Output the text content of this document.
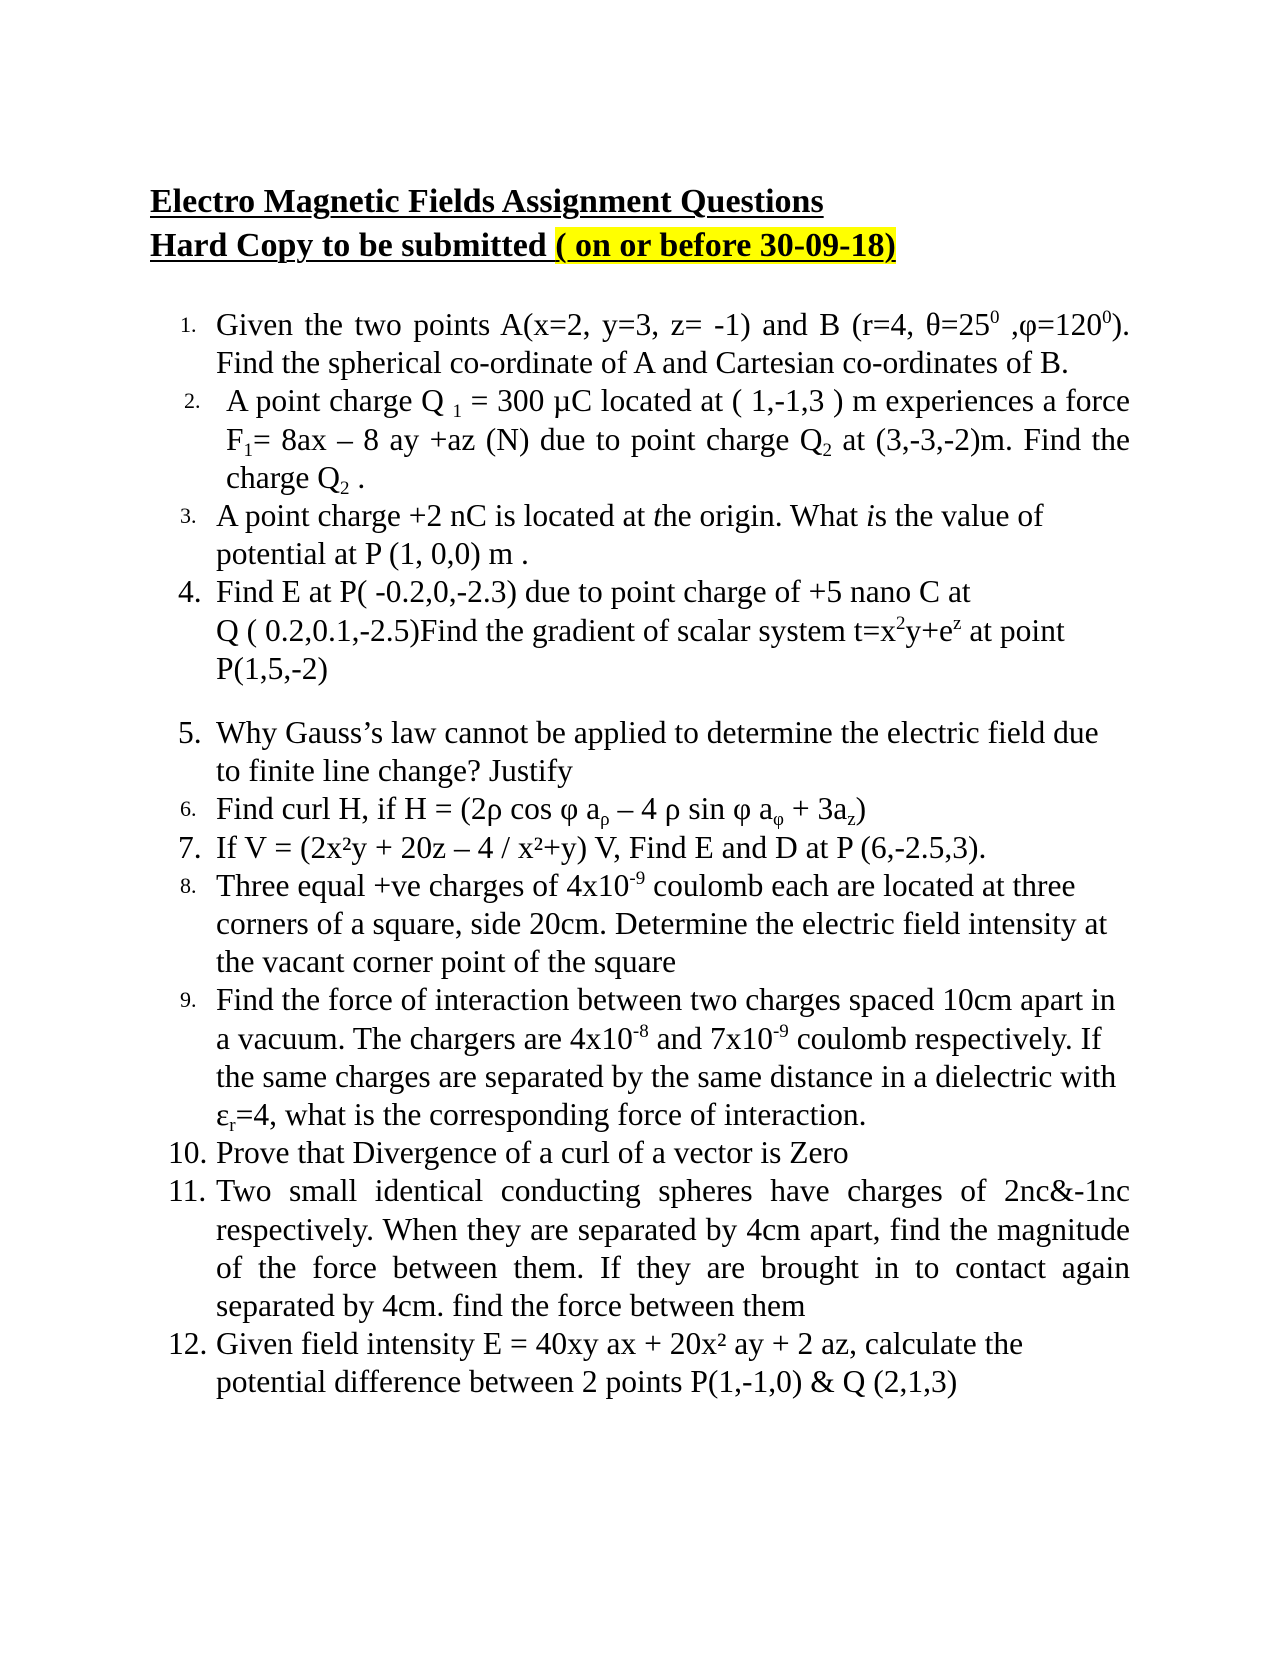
Electro Magnetic Fields Assignment Questions
Hard Copy to be submitted ( on or before 30-09-18)
1. Given the two points A(x=2, y=3, z= -1) and B (r=4, $\theta=25^0$ $,\varphi=120^0$). Find the spherical co-ordinate of A and Cartesian co-ordinates of B.
2. A point charge Q $_1$ = 300 µC located at ( 1,-1,3 ) m experiences a force $F_1= 8ax - 8$ ay +az (N) due to point charge $Q_2$ at (3,-3,-2)m. Find the charge $Q_2$ .
3. A point charge +2 nC is located at the origin. What is the value of potential at P (1, 0,0) m .
4. Find E at P( -0.2,0,-2.3) due to point charge of +5 nano C at
Q ( 0.2,0.1,-2.5)Find the gradient of scalar system $t=x^2y+e^z$ at point P(1,5,-2)
5. Why Gauss’s law cannot be applied to determine the electric field due to finite line change? Justify
6. Find curl H, if H = (2ρ cos φ $a_\rho - 4$ ρ sin φ $a_\varphi + 3a_z$)
7. If V = (2x²y + 20z – 4 / x²+y) V, Find E and D at P (6,-2.5,3).
8. Three equal +ve charges of $4x10^{-9}$ coulomb each are located at three corners of a square, side 20cm. Determine the electric field intensity at the vacant corner point of the square
9. Find the force of interaction between two charges spaced 10cm apart in a vacuum. The chargers are $4x10^{-8}$ and $7x10^{-9}$ coulomb respectively. If the same charges are separated by the same distance in a dielectric with $\varepsilon_r=4$, what is the corresponding force of interaction.
10. Prove that Divergence of a curl of a vector is Zero
11. Two small identical conducting spheres have charges of 2nc&-1nc respectively. When they are separated by 4cm apart, find the magnitude of the force between them. If they are brought in to contact again separated by 4cm. find the force between them
12. Given field intensity E = 40xy ax + 20x² ay + 2 az, calculate the potential difference between 2 points P(1,-1,0) & Q (2,1,3)
